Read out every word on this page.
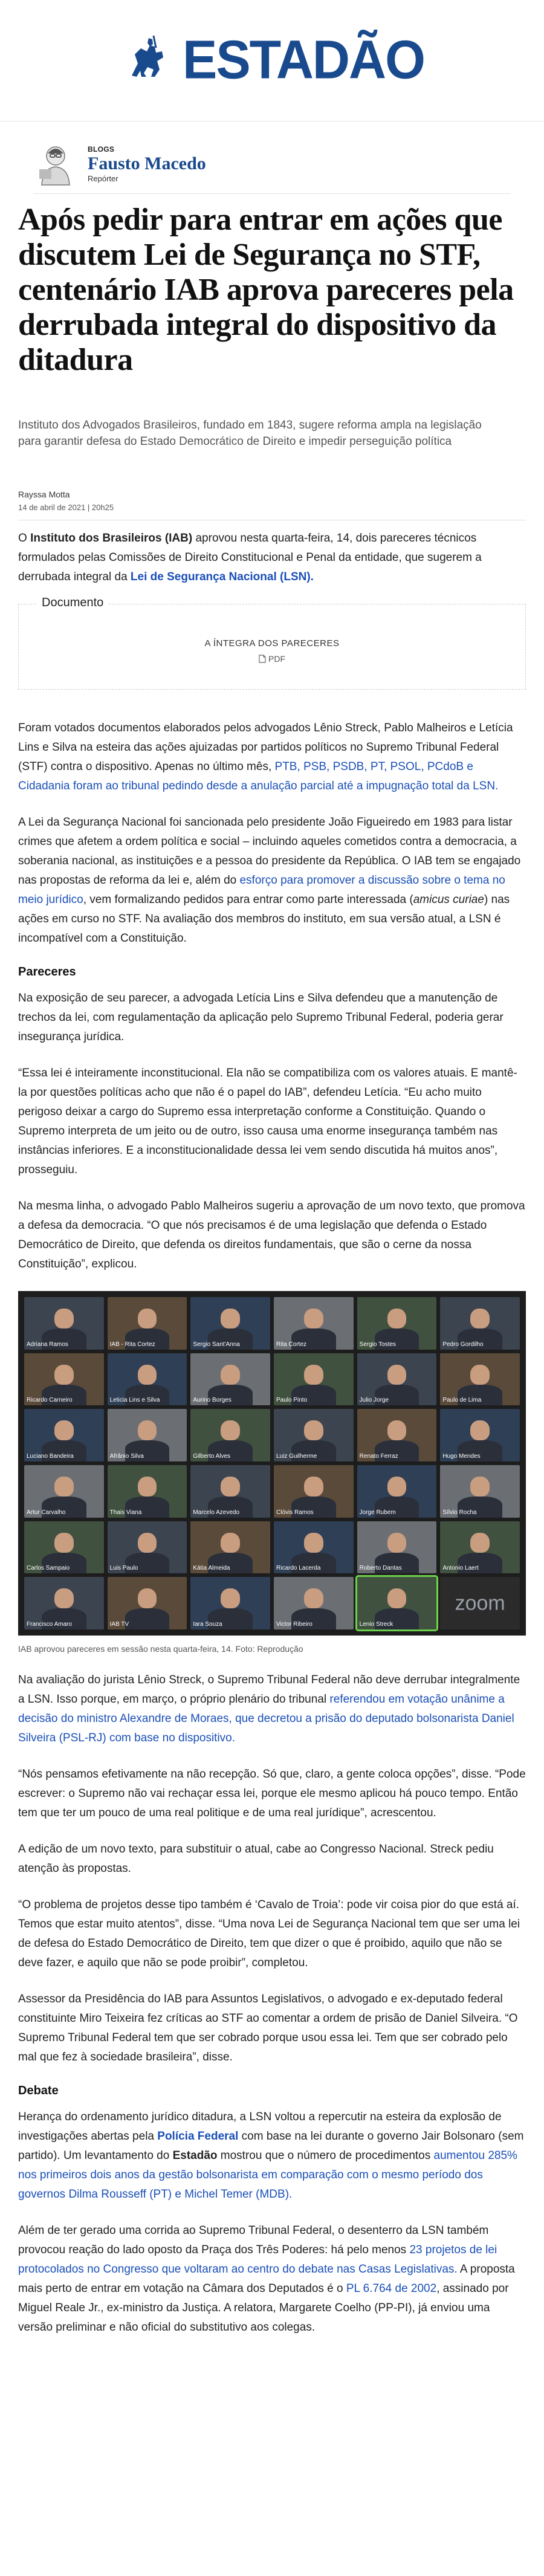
ESTADÃO
BLOGS
Fausto Macedo
Repórter
Após pedir para entrar em ações que discutem Lei de Segurança no STF, centenário IAB aprova pareceres pela derrubada integral do dispositivo da ditadura
Instituto dos Advogados Brasileiros, fundado em 1843, sugere reforma ampla na legislação para garantir defesa do Estado Democrático de Direito e impedir perseguição política
Rayssa Motta
14 de abril de 2021 | 20h25

O Instituto dos Brasileiros (IAB) aprovou nesta quarta-feira, 14, dois pareceres técnicos formulados pelas Comissões de Direito Constitucional e Penal da entidade, que sugerem a derrubada integral da Lei de Segurança Nacional (LSN).

Documento
A ÍNTEGRA DOS PARECERES
PDF

Foram votados documentos elaborados pelos advogados Lênio Streck, Pablo Malheiros e Letícia Lins e Silva na esteira das ações ajuizadas por partidos políticos no Supremo Tribunal Federal (STF) contra o dispositivo. Apenas no último mês, PTB, PSB, PSDB, PT, PSOL, PCdoB e Cidadania foram ao tribunal pedindo desde a anulação parcial até a impugnação total da LSN.

A Lei da Segurança Nacional foi sancionada pelo presidente João Figueiredo em 1983 para listar crimes que afetem a ordem política e social – incluindo aqueles cometidos contra a democracia, a soberania nacional, as instituições e a pessoa do presidente da República. O IAB tem se engajado nas propostas de reforma da lei e, além do esforço para promover a discussão sobre o tema no meio jurídico, vem formalizando pedidos para entrar como parte interessada (amicus curiae) nas ações em curso no STF. Na avaliação dos membros do instituto, em sua versão atual, a LSN é incompatível com a Constituição.

Pareceres

Na exposição de seu parecer, a advogada Letícia Lins e Silva defendeu que a manutenção de trechos da lei, com regulamentação da aplicação pelo Supremo Tribunal Federal, poderia gerar insegurança jurídica.

“Essa lei é inteiramente inconstitucional. Ela não se compatibiliza com os valores atuais. E mantê-la por questões políticas acho que não é o papel do IAB”, defendeu Letícia. “Eu acho muito perigoso deixar a cargo do Supremo essa interpretação conforme a Constituição. Quando o Supremo interpreta de um jeito ou de outro, isso causa uma enorme insegurança também nas instâncias inferiores. E a inconstitucionalidade dessa lei vem sendo discutida há muitos anos”, prosseguiu.

Na mesma linha, o advogado Pablo Malheiros sugeriu a aprovação de um novo texto, que promova a defesa da democracia. “O que nós precisamos é de uma legislação que defenda o Estado Democrático de Direito, que defenda os direitos fundamentais, que são o cerne da nossa Constituição”, explicou.

Adriana Ramos	IAB - Rita Cortez	Sergio Sant'Anna	Rita Cortez	Sergio Tostes	Pedro Gordilho
Ricardo Carneiro	Leticia Lins e Silva	Aurino Borges	Paulo Pinto	Julio Jorge	Paulo de Lima
Luciano Bandeira	Afrânio Silva	Gilberto Alves	Luiz Guilherme	Renato Ferraz	Hugo Mendes
Artur Carvalho	Thais Viana	Marcelo Azevedo	Clóvis Ramos	Jorge Rubem	Sílvio Rocha
Carlos Sampaio	Luis Paulo	Kátia Almeida	Ricardo Lacerda	Roberto Dantas	Antonio Laert
Francisco Amaro	IAB TV	Iara Souza	Victor Ribeiro	Lenio Streck
zoom
IAB aprovou pareceres em sessão nesta quarta-feira, 14. Foto: Reprodução

Na avaliação do jurista Lênio Streck, o Supremo Tribunal Federal não deve derrubar integralmente a LSN. Isso porque, em março, o próprio plenário do tribunal referendou em votação unânime a decisão do ministro Alexandre de Moraes, que decretou a prisão do deputado bolsonarista Daniel Silveira (PSL-RJ) com base no dispositivo.

“Nós pensamos efetivamente na não recepção. Só que, claro, a gente coloca opções”, disse. “Pode escrever: o Supremo não vai rechaçar essa lei, porque ele mesmo aplicou há pouco tempo. Então tem que ter um pouco de uma real politique e de uma real jurídique”, acrescentou.

A edição de um novo texto, para substituir o atual, cabe ao Congresso Nacional. Streck pediu atenção às propostas.

“O problema de projetos desse tipo também é ‘Cavalo de Troia’: pode vir coisa pior do que está aí. Temos que estar muito atentos”, disse. “Uma nova Lei de Segurança Nacional tem que ser uma lei de defesa do Estado Democrático de Direito, tem que dizer o que é proibido, aquilo que não se deve fazer, e aquilo que não se pode proibir”, completou.

Assessor da Presidência do IAB para Assuntos Legislativos, o advogado e ex-deputado federal constituinte Miro Teixeira fez críticas ao STF ao comentar a ordem de prisão de Daniel Silveira. “O Supremo Tribunal Federal tem que ser cobrado porque usou essa lei. Tem que ser cobrado pelo mal que fez à sociedade brasileira”, disse.

Debate

Herança do ordenamento jurídico ditadura, a LSN voltou a repercutir na esteira da explosão de investigações abertas pela Polícia Federal com base na lei durante o governo Jair Bolsonaro (sem partido). Um levantamento do Estadão mostrou que o número de procedimentos aumentou 285% nos primeiros dois anos da gestão bolsonarista em comparação com o mesmo período dos governos Dilma Rousseff (PT) e Michel Temer (MDB).

Além de ter gerado uma corrida ao Supremo Tribunal Federal, o desenterro da LSN também provocou reação do lado oposto da Praça dos Três Poderes: há pelo menos 23 projetos de lei protocolados no Congresso que voltaram ao centro do debate nas Casas Legislativas. A proposta mais perto de entrar em votação na Câmara dos Deputados é o PL 6.764 de 2002, assinado por Miguel Reale Jr., ex-ministro da Justiça. A relatora, Margarete Coelho (PP-PI), já enviou uma versão preliminar e não oficial do substitutivo aos colegas.
